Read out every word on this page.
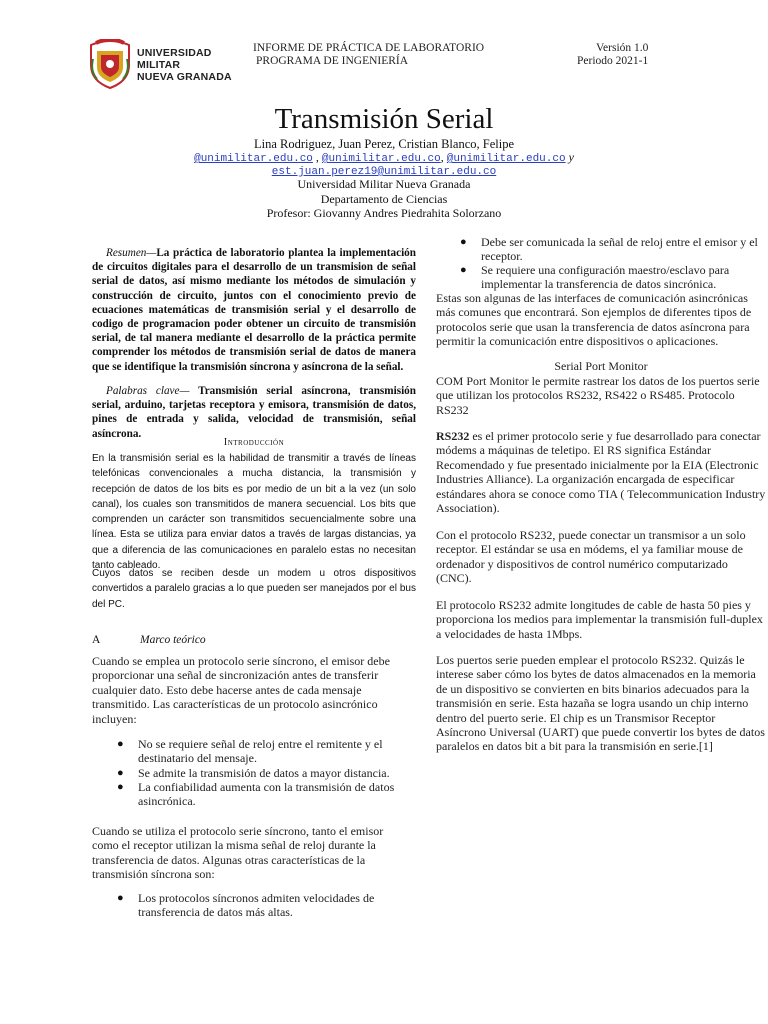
UNIVERSIDAD MILITAR
NUEVA GRANADA
INFORME DE PRÁCTICA DE LABORATORIO
PROGRAMA DE INGENIERÍA
Versión 1.0
Periodo 2021-1
Transmisión Serial
Lina Rodriguez, Juan Perez, Cristian Blanco, Felipe
@unimilitar.edu.co , @unimilitar.edu.co, @unimilitar.edu.co y
est.juan.perez19@unimilitar.edu.co
Universidad Militar Nueva Granada
Departamento de Ciencias
Profesor: Giovanny Andres Piedrahita Solorzano

Resumen—La práctica de laboratorio plantea la implementación de circuitos digitales para el desarrollo de un transmision de señal serial de datos, así mismo mediante los métodos de simulación y construcción de circuito, juntos con el conocimiento previo de ecuaciones matemáticas de transmisión serial y el desarrollo de codigo de programacion poder obtener un circuito de transmisión serial, de tal manera mediante el desarrollo de la práctica permite comprender los métodos de transmisión serial de datos de manera que se identifique la transmisión síncrona y asíncrona de la señal.

Palabras clave— Transmisión serial asíncrona, transmisión serial, arduino, tarjetas receptora y emisora, transmisión de datos, pines de entrada y salida, velocidad de transmisión, señal asíncrona.

Introducción
En la transmisión serial es la habilidad de transmitir a través de líneas telefónicas convencionales a mucha distancia, la transmisión y recepción de datos de los bits es por medio de un bit a la vez (un solo canal), los cuales son transmitidos de manera secuencial. Los bits que comprenden un carácter son transmitidos secuencialmente sobre una línea. Esta se utiliza para enviar datos a través de largas distancias, ya que a diferencia de las comunicaciones en paralelo estas no necesitan tanto cableado.
Cuyos datos se reciben desde un modem u otros dispositivos convertidos a paralelo gracias a lo que pueden ser manejados por el bus del PC.
A	Marco teórico
Cuando se emplea un protocolo serie síncrono, el emisor debe proporcionar una señal de sincronización antes de transferir cualquier dato. Esto debe hacerse antes de cada mensaje transmitido. Las características de un protocolo asincrónico incluyen:
● No se requiere señal de reloj entre el remitente y el destinatario del mensaje.
● Se admite la transmisión de datos a mayor distancia.
● La confiabilidad aumenta con la transmisión de datos asincrónica.
Cuando se utiliza el protocolo serie síncrono, tanto el emisor como el receptor utilizan la misma señal de reloj durante la transferencia de datos. Algunas otras características de la transmisión síncrona son:
● Los protocolos síncronos admiten velocidades de transferencia de datos más altas.
● Debe ser comunicada la señal de reloj entre el emisor y el receptor.
● Se requiere una configuración maestro/esclavo para implementar la transferencia de datos sincrónica.
Estas son algunas de las interfaces de comunicación asincrónicas más comunes que encontrará. Son ejemplos de diferentes tipos de protocolos serie que usan la transferencia de datos asíncrona para permitir la comunicación entre dispositivos o aplicaciones.
Serial Port Monitor
COM Port Monitor le permite rastrear los datos de los puertos serie que utilizan los protocolos RS232, RS422 o RS485. Protocolo RS232
RS232 es el primer protocolo serie y fue desarrollado para conectar módems a máquinas de teletipo. El RS significa Estándar Recomendado y fue presentado inicialmente por la EIA (Electronic Industries Alliance). La organización encargada de especificar estándares ahora se conoce como TIA ( Telecommunication Industry Association).
Con el protocolo RS232, puede conectar un transmisor a un solo receptor. El estándar se usa en módems, el ya familiar mouse de ordenador y dispositivos de control numérico computarizado (CNC).
El protocolo RS232 admite longitudes de cable de hasta 50 pies y proporciona los medios para implementar la transmisión full-duplex a velocidades de hasta 1Mbps.
Los puertos serie pueden emplear el protocolo RS232. Quizás le interese saber cómo los bytes de datos almacenados en la memoria de un dispositivo se convierten en bits binarios adecuados para la transmisión en serie. Esta hazaña se logra usando un chip interno dentro del puerto serie. El chip es un Transmisor Receptor Asíncrono Universal (UART) que puede convertir los bytes de datos paralelos en datos bit a bit para la transmisión en serie.[1]
